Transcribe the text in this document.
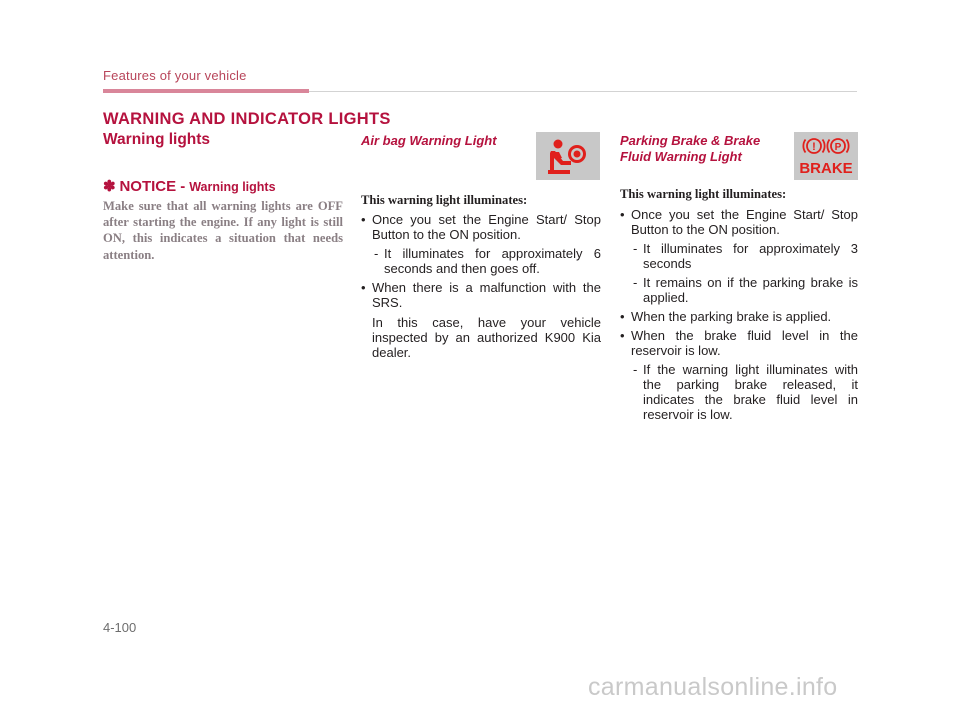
Features of your vehicle
WARNING AND INDICATOR LIGHTS
Warning lights
✽ NOTICE - Warning lights
Make sure that all warning lights are OFF after starting the engine. If any light is still ON, this indicates a situation that needs attention.
Air bag Warning Light
This warning light illuminates:

• Once you set the Engine Start/ Stop Button to the ON position.

- It illuminates for approximately 6 seconds and then goes off.

• When there is a malfunction with the SRS.

In this case, have your vehicle inspected by an authorized K900 Kia dealer.

Parking Brake & Brake
Fluid Warning Light
! P
BRAKE
This warning light illuminates:

• Once you set the Engine Start/ Stop Button to the ON position.

- It illuminates for approximately 3 seconds

- It remains on if the parking brake is applied.

• When the parking brake is applied.

• When the brake fluid level in the reservoir is low.

- If the warning light illuminates with the parking brake released, it indicates the brake fluid level in reservoir is low.

4-100
carmanualsonline.info
